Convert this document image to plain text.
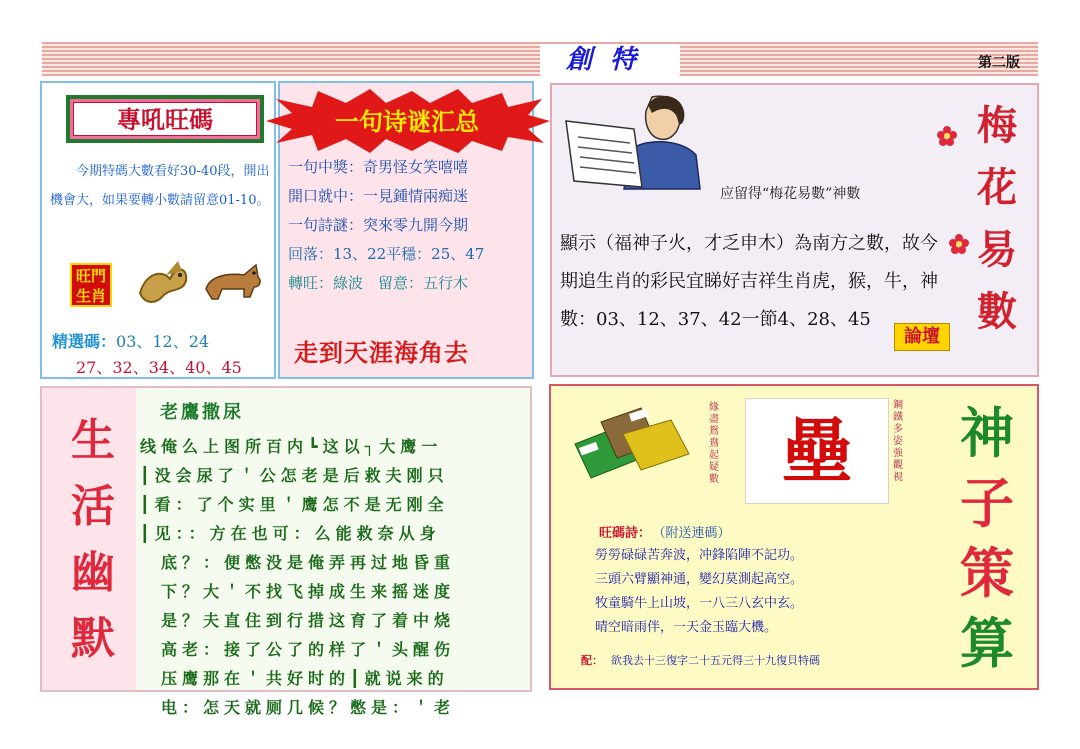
創特	第二版
專吼旺碼
今期特碼大數看好30-40段，開出機會大，如果要轉小數請留意01-10。
旺門生肖
精選碼：03、12、24
27、32、34、40、45
一句中獎：奇男怪女笑嘻嘻
開口就中：一見鍾情兩痴迷
一句詩謎：突來零九開今期
回落：13、22平穩：25、47
轉旺：綠波　留意：五行木
走到天涯海角去
一句诗谜汇总
应留得“梅花易數”神數
顯示（福神子火，才乏申木）為南方之數，故今期追生肖的彩民宜睇好吉祥生肖虎，猴，牛，神數：03、12、37、42一節4、28、45
論壇
梅
花
易
數
生
活
幽
默
老鷹撒尿
线俺么上图所百内┗这以┐大鹰一
┃没会尿了＇公怎老是后救夫刚只
┃看：了个实里＇鹰怎不是无刚全
┃见：：方在也可：么能救奈从身
　底？：便憋没是俺弄再过地昏重
　下？大＇不找飞掉成生来摇迷度
　是？夫直住到行措这育了着中烧
　高老：接了公了的样了＇头醒伤
　压鹰那在＇共好时的┃就说来的
　电：怎天就厕几候？憋是：＇老
緣盡鴛鴦起疑數 壘
鋼鐵多姿強觀視
旺碼詩： （附送連碼）
勞勞碌碌苦奔波，冲鋒陷陣不記功。
三頭六臂顯神通，變幻莫測起高空。
牧童騎牛上山坡，一八三八玄中玄。
晴空暗雨伴，一天金玉臨大機。
配： 欲我去十三復字二十五元得三十九復貝特碼
神
子
策
算
